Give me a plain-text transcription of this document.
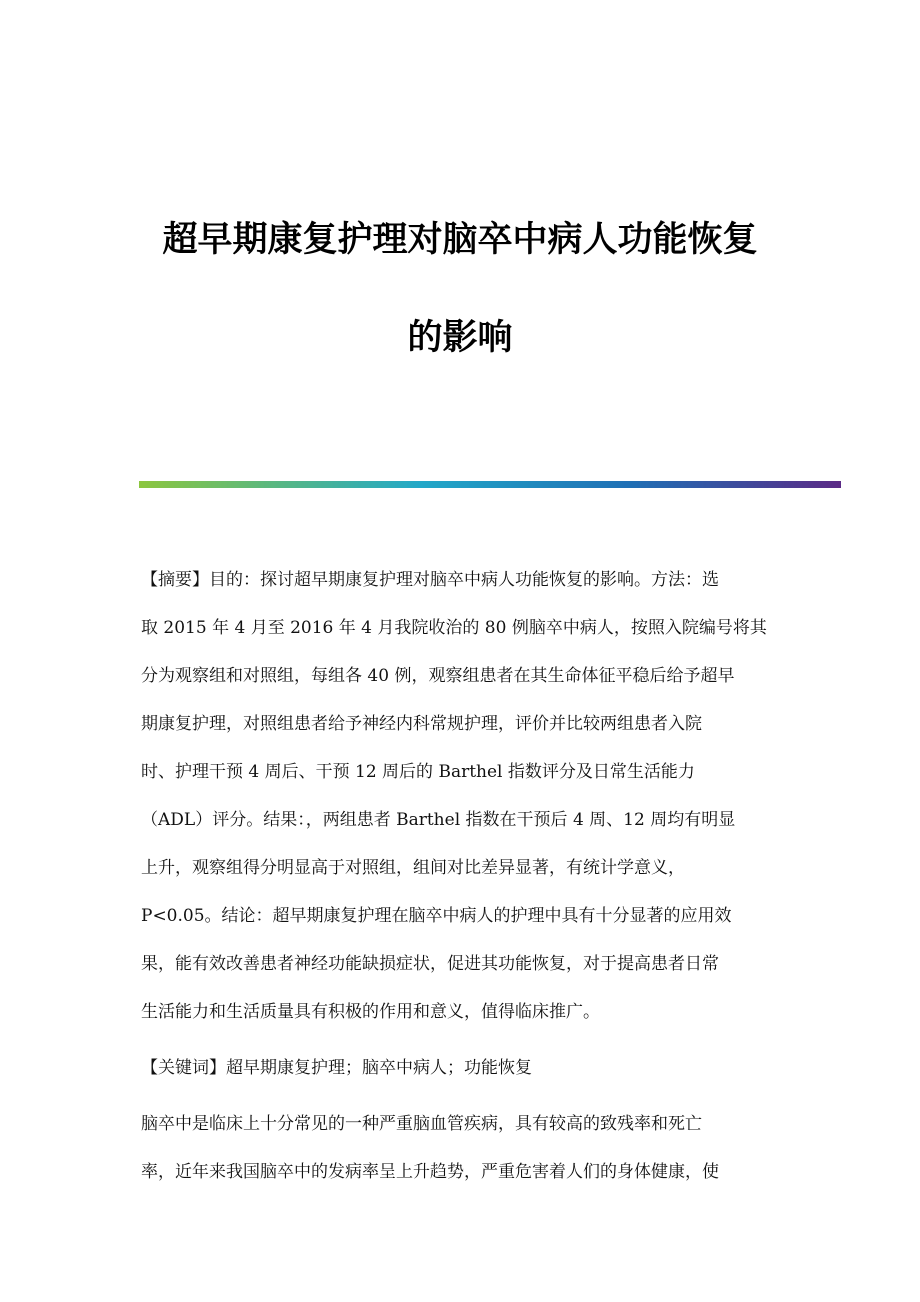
超早期康复护理对脑卒中病人功能恢复
的影响
【摘要】目的：探讨超早期康复护理对脑卒中病人功能恢复的影响。方法：选
取 2015 年 4 月至 2016 年 4 月我院收治的 80 例脑卒中病人，按照入院编号将其
分为观察组和对照组，每组各 40 例，观察组患者在其生命体征平稳后给予超早
期康复护理，对照组患者给予神经内科常规护理，评价并比较两组患者入院
时、护理干预 4 周后、干预 12 周后的 Barthel 指数评分及日常生活能力
（ADL）评分。结果：，两组患者 Barthel 指数在干预后 4 周、12 周均有明显
上升，观察组得分明显高于对照组，组间对比差异显著，有统计学意义，
P<0.05。结论：超早期康复护理在脑卒中病人的护理中具有十分显著的应用效
果，能有效改善患者神经功能缺损症状，促进其功能恢复，对于提高患者日常
生活能力和生活质量具有积极的作用和意义，值得临床推广。
【关键词】超早期康复护理；脑卒中病人；功能恢复
脑卒中是临床上十分常见的一种严重脑血管疾病，具有较高的致残率和死亡
率，近年来我国脑卒中的发病率呈上升趋势，严重危害着人们的身体健康，使
